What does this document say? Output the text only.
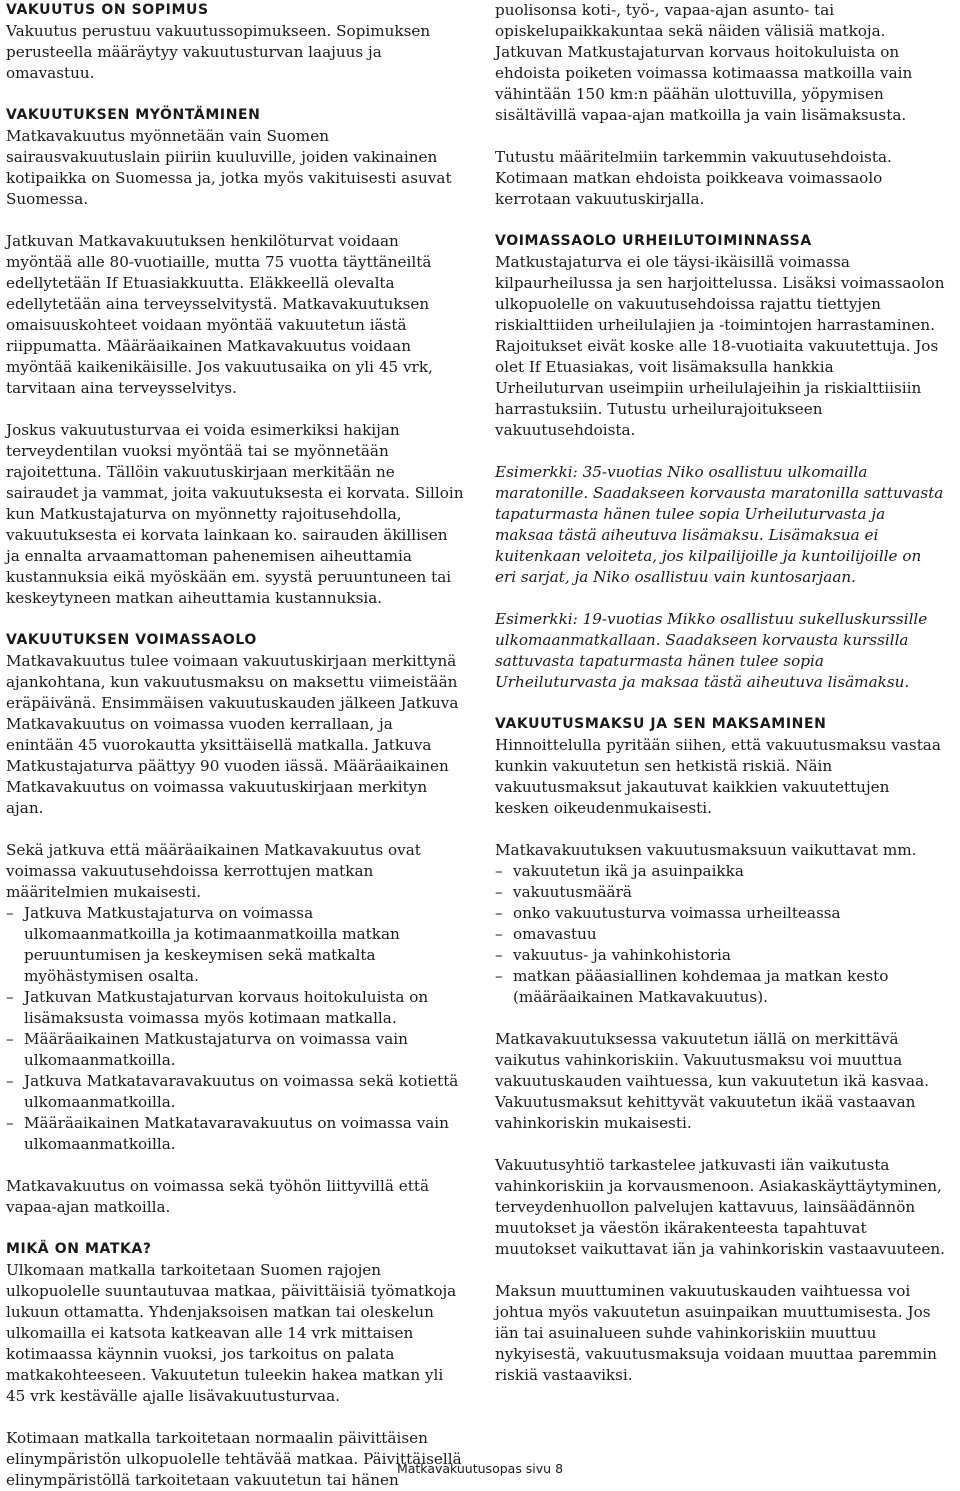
VAKUUTUS ON SOPIMUS

Vakuutus perustuu vakuutussopimukseen. Sopimuksen perusteella määräytyy vakuutusturvan laajuus ja omavastuu.

VAKUUTUKSEN MYÖNTÄMINEN

Matkavakuutus myönnetään vain Suomen sairausvakuutuslain piiriin kuuluville, joiden vakinainen kotipaikka on Suomessa ja, jotka myös vakituisesti asuvat Suomessa.

Jatkuvan Matkavakuutuksen henkilöturvat voidaan myöntää alle 80-vuotiaille, mutta 75 vuotta täyttäneiltä edellytetään If Etuasiakkuutta. Eläkkeellä olevalta edellytetään aina terveysselvitystä. Matkavakuutuksen omaisuuskohteet voidaan myöntää vakuutetun iästä riippumatta. Määräaikainen Matkavakuutus voidaan myöntää kaikenikäisille. Jos vakuutusaika on yli 45 vrk, tarvitaan aina terveysselvitys.

Joskus vakuutusturvaa ei voida esimerkiksi hakijan terveydentilan vuoksi myöntää tai se myönnetään rajoitettuna. Tällöin vakuutuskirjaan merkitään ne sairaudet ja vammat, joita vakuutuksesta ei korvata. Silloin kun Matkustajaturva on myönnetty rajoitusehdolla, vakuutuksesta ei korvata lainkaan ko. sairauden äkillisen ja ennalta arvaamattoman pahenemisen aiheuttamia kustannuksia eikä myöskään em. syystä peruuntuneen tai keskeytyneen matkan aiheuttamia kustannuksia.

VAKUUTUKSEN VOIMASSAOLO

Matkavakuutus tulee voimaan vakuutuskirjaan merkittynä ajankohtana, kun vakuutusmaksu on maksettu viimeistään eräpäivänä. Ensimmäisen vakuutuskauden jälkeen Jatkuva Matkavakuutus on voimassa vuoden kerrallaan, ja enintään 45 vuorokautta yksittäisellä matkalla. Jatkuva Matkustajaturva päättyy 90 vuoden iässä. Määräaikainen Matkavakuutus on voimassa vakuutuskirjaan merkityn ajan.

Sekä jatkuva että määräaikainen Matkavakuutus ovat voimassa vakuutusehdoissa kerrottujen matkan määritelmien mukaisesti.

– Jatkuva Matkustajaturva on voimassa ulkomaanmatkoilla ja kotimaanmatkoilla matkan peruuntumisen ja keskeymisen sekä matkalta myöhästymisen osalta.
– Jatkuvan Matkustajaturvan korvaus hoitokuluista on lisämaksusta voimassa myös kotimaan matkalla.
– Määräaikainen Matkustajaturva on voimassa vain ulkomaanmatkoilla.
– Jatkuva Matkatavaravakuutus on voimassa sekä kotiettä ulkomaanmatkoilla.
– Määräaikainen Matkatavaravakuutus on voimassa vain ulkomaanmatkoilla.

Matkavakuutus on voimassa sekä työhön liittyvillä että vapaa-ajan matkoilla.

MIKÄ ON MATKA?

Ulkomaan matkalla tarkoitetaan Suomen rajojen ulkopuolelle suuntautuvaa matkaa, päivittäisiä työmatkoja lukuun ottamatta. Yhdenjaksoisen matkan tai oleskelun ulkomailla ei katsota katkeavan alle 14 vrk mittaisen kotimaassa käynnin vuoksi, jos tarkoitus on palata matkakohteeseen. Vakuutetun tuleekin hakea matkan yli 45 vrk kestävälle ajalle lisävakuutusturvaa.

Kotimaan matkalla tarkoitetaan normaalin päivittäisen elinympäristön ulkopuolelle tehtävää matkaa. Päivittäisellä elinympäristöllä tarkoitetaan vakuutetun tai hänen

puolisonsa koti-, työ-, vapaa-ajan asunto- tai opiskelupaikkakuntaa sekä näiden välisiä matkoja. Jatkuvan Matkustajaturvan korvaus hoitokuluista on ehdoista poiketen voimassa kotimaassa matkoilla vain vähintään 150 km:n päähän ulottuvilla, yöpymisen sisältävillä vapaa-ajan matkoilla ja vain lisämaksusta.

Tutustu määritelmiin tarkemmin vakuutusehdoista. Kotimaan matkan ehdoista poikkeava voimassaolo kerrotaan vakuutuskirjalla.

VOIMASSAOLO URHEILUTOIMINNASSA

Matkustajaturva ei ole täysi-ikäisillä voimassa kilpaurheilussa ja sen harjoittelussa. Lisäksi voimassaolon ulkopuolelle on vakuutusehdoissa rajattu tiettyjen riskialttiiden urheilulajien ja -toimintojen harrastaminen. Rajoitukset eivät koske alle 18-vuotiaita vakuutettuja. Jos olet If Etuasiakas, voit lisämaksulla hankkia Urheiluturvan useimpiin urheilulajeihin ja riskialttiisiin harrastuksiin. Tutustu urheilurajoitukseen vakuutusehdoista.

Esimerkki: 35-vuotias Niko osallistuu ulkomailla maratonille. Saadakseen korvausta maratonilla sattuvasta tapaturmasta hänen tulee sopia Urheiluturvasta ja maksaa tästä aiheutuva lisämaksu. Lisämaksua ei kuitenkaan veloiteta, jos kilpailijoille ja kuntoilijoille on eri sarjat, ja Niko osallistuu vain kuntosarjaan.

Esimerkki: 19-vuotias Mikko osallistuu sukelluskurssille ulkomaanmatkallaan. Saadakseen korvausta kurssilla sattuvasta tapaturmasta hänen tulee sopia Urheiluturvasta ja maksaa tästä aiheutuva lisämaksu.

VAKUUTUSMAKSU JA SEN MAKSAMINEN

Hinnoittelulla pyritään siihen, että vakuutusmaksu vastaa kunkin vakuutetun sen hetkistä riskiä. Näin vakuutusmaksut jakautuvat kaikkien vakuutettujen kesken oikeudenmukaisesti.

Matkavakuutuksen vakuutusmaksuun vaikuttavat mm.

– vakuutetun ikä ja asuinpaikka
– vakuutusmäärä
– onko vakuutusturva voimassa urheilteassa
– omavastuu
– vakuutus- ja vahinkohistoria
– matkan pääasiallinen kohdemaa ja matkan kesto (määräaikainen Matkavakuutus).

Matkavakuutuksessa vakuutetun iällä on merkittävä vaikutus vahinkoriskiin. Vakuutusmaksu voi muuttua vakuutuskauden vaihtuessa, kun vakuutetun ikä kasvaa. Vakuutusmaksut kehittyvät vakuutetun ikää vastaavan vahinkoriskin mukaisesti.

Vakuutusyhtiö tarkastelee jatkuvasti iän vaikutusta vahinkoriskiin ja korvausmenoon. Asiakaskäyttäytyminen, terveydenhuollon palvelujen kattavuus, lainsäädännön muutokset ja väestön ikärakenteesta tapahtuvat muutokset vaikuttavat iän ja vahinkoriskin vastaavuuteen.

Maksun muuttuminen vakuutuskauden vaihtuessa voi johtua myös vakuutetun asuinpaikan muuttumisesta. Jos iän tai asuinalueen suhde vahinkoriskiin muuttuu nykyisestä, vakuutusmaksuja voidaan muuttaa paremmin riskiä vastaaviksi.

Matkavakuutusopas sivu 8
